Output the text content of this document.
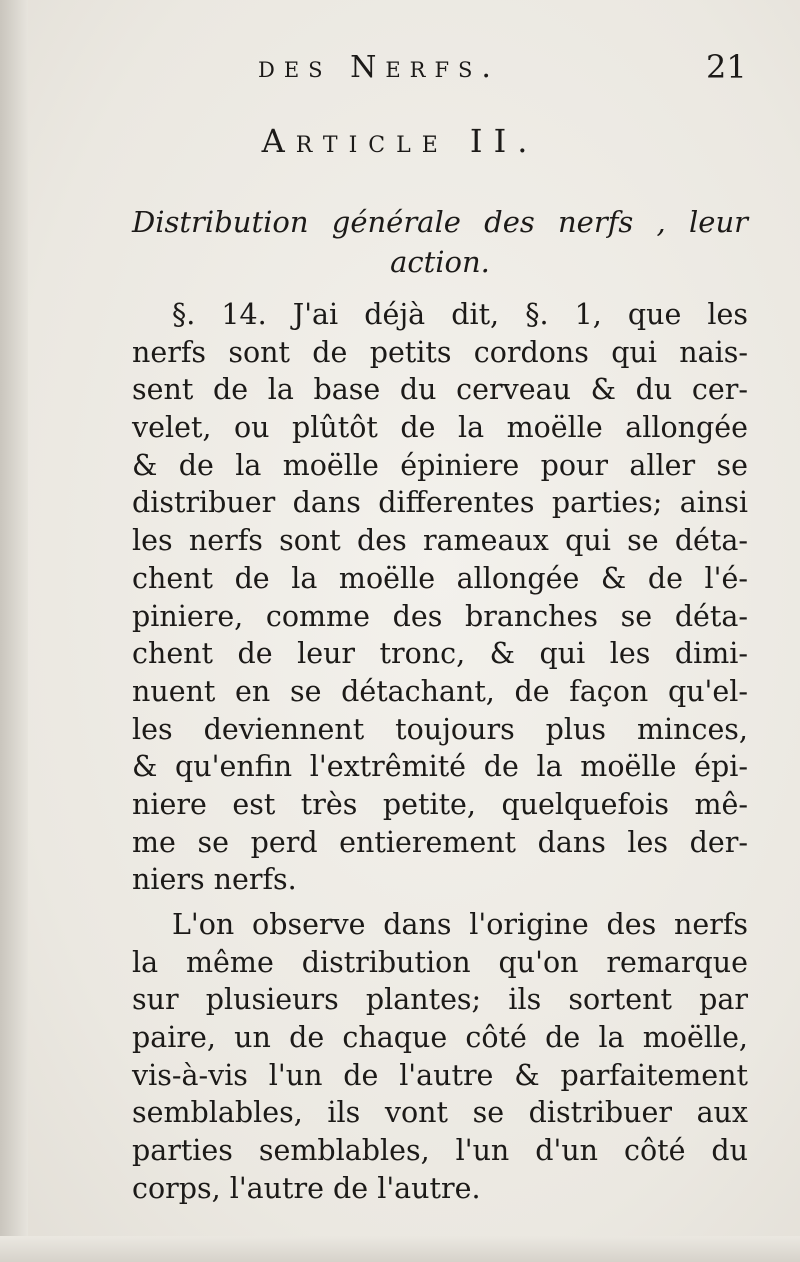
des Nerfs.	21
Article II.
Distribution générale des nerfs , leur
action.
§. 14. J'ai déjà dit, §. 1, que les
nerfs sont de petits cordons qui nais-
sent de la base du cerveau & du cer-
velet, ou plûtôt de la moëlle allongée
& de la moëlle épiniere pour aller se
distribuer dans differentes parties; ainsi
les nerfs sont des rameaux qui se déta-
chent de la moëlle allongée & de l'é-
piniere, comme des branches se déta-
chent de leur tronc, & qui les dimi-
nuent en se détachant, de façon qu'el-
les deviennent toujours plus minces,
& qu'enfin l'extrêmité de la moëlle épi-
niere est très petite, quelquefois mê-
me se perd entierement dans les der-
niers nerfs.
L'on observe dans l'origine des nerfs
la même distribution qu'on remarque
sur plusieurs plantes; ils sortent par
paire, un de chaque côté de la moëlle,
vis-à-vis l'un de l'autre & parfaitement
semblables, ils vont se distribuer aux
parties semblables, l'un d'un côté du
corps, l'autre de l'autre.
